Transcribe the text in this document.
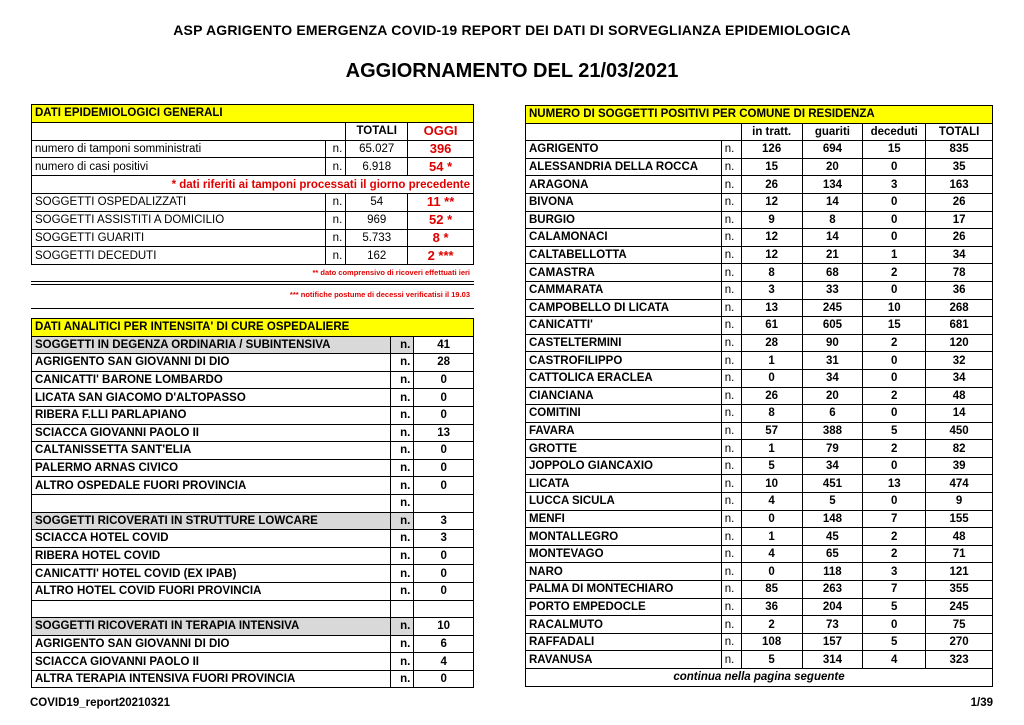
ASP AGRIGENTO EMERGENZA COVID-19 REPORT DEI DATI DI SORVEGLIANZA EPIDEMIOLOGICA
AGGIORNAMENTO DEL 21/03/2021
DATI EPIDEMIOLOGICI GENERALI			
		TOTALI	OGGI
numero di tamponi somministrati	n.	65.027	396
numero di casi positivi	n.	6.918	54 *
* dati riferiti ai tamponi processati il giorno precedente			
SOGGETTI OSPEDALIZZATI	n.	54	11 **
SOGGETTI ASSISTITI A DOMICILIO	n.	969	52 *
SOGGETTI GUARITI	n.	5.733	8 *
SOGGETTI DECEDUTI	n.	162	2 ***
** dato comprensivo di ricoveri effettuati ieri
*** notifiche postume di decessi verificatisi il 19.03
DATI ANALITICI PER INTENSITA' DI CURE OSPEDALIERE		
SOGGETTI IN DEGENZA ORDINARIA / SUBINTENSIVA	n.	41
AGRIGENTO SAN GIOVANNI DI DIO	n.	28
CANICATTI' BARONE LOMBARDO	n.	0
LICATA SAN GIACOMO D'ALTOPASSO	n.	0
RIBERA F.LLI PARLAPIANO	n.	0
SCIACCA GIOVANNI PAOLO II	n.	13
CALTANISSETTA SANT'ELIA	n.	0
PALERMO ARNAS CIVICO	n.	0
ALTRO OSPEDALE FUORI PROVINCIA	n.	0
	n.	
SOGGETTI RICOVERATI IN STRUTTURE LOWCARE	n.	3
SCIACCA HOTEL COVID	n.	3
RIBERA HOTEL COVID	n.	0
CANICATTI' HOTEL COVID (EX IPAB)	n.	0
ALTRO HOTEL COVID FUORI PROVINCIA	n.	0

SOGGETTI RICOVERATI IN TERAPIA INTENSIVA	n.	10
AGRIGENTO SAN GIOVANNI DI DIO	n.	6
SCIACCA GIOVANNI PAOLO II	n.	4
ALTRA TERAPIA INTENSIVA FUORI PROVINCIA	n.	0
NUMERO DI SOGGETTI POSITIVI PER COMUNE DI RESIDENZA					
		in tratt.	guariti	deceduti	TOTALI
AGRIGENTO	n.	126	694	15	835
ALESSANDRIA DELLA ROCCA	n.	15	20	0	35
ARAGONA	n.	26	134	3	163
BIVONA	n.	12	14	0	26
BURGIO	n.	9	8	0	17
CALAMONACI	n.	12	14	0	26
CALTABELLOTTA	n.	12	21	1	34
CAMASTRA	n.	8	68	2	78
CAMMARATA	n.	3	33	0	36
CAMPOBELLO DI LICATA	n.	13	245	10	268
CANICATTI'	n.	61	605	15	681
CASTELTERMINI	n.	28	90	2	120
CASTROFILIPPO	n.	1	31	0	32
CATTOLICA ERACLEA	n.	0	34	0	34
CIANCIANA	n.	26	20	2	48
COMITINI	n.	8	6	0	14
FAVARA	n.	57	388	5	450
GROTTE	n.	1	79	2	82
JOPPOLO GIANCAXIO	n.	5	34	0	39
LICATA	n.	10	451	13	474
LUCCA SICULA	n.	4	5	0	9
MENFI	n.	0	148	7	155
MONTALLEGRO	n.	1	45	2	48
MONTEVAGO	n.	4	65	2	71
NARO	n.	0	118	3	121
PALMA DI MONTECHIARO	n.	85	263	7	355
PORTO EMPEDOCLE	n.	36	204	5	245
RACALMUTO	n.	2	73	0	75
RAFFADALI	n.	108	157	5	270
RAVANUSA	n.	5	314	4	323
continua nella pagina seguente					
COVID19_report20210321	1/39
